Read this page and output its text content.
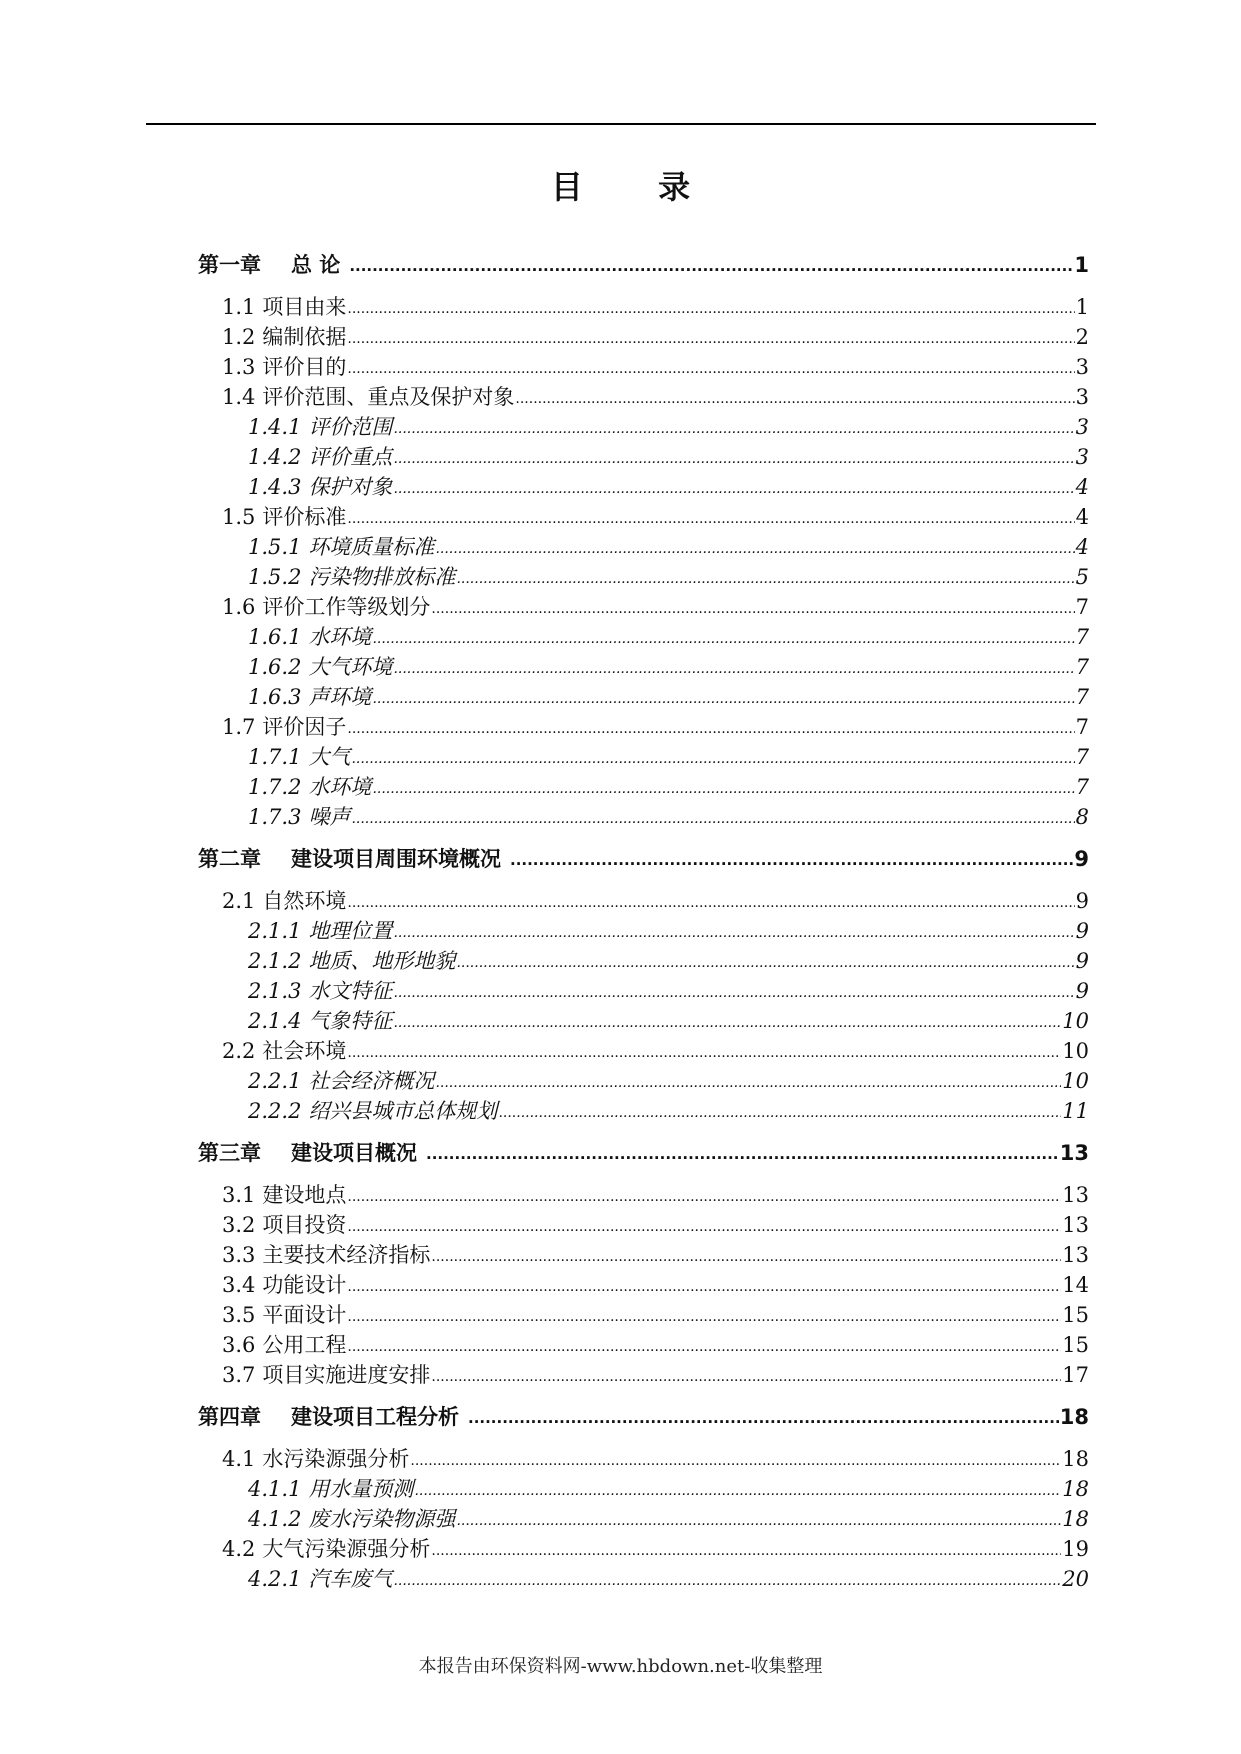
目 录
第一章 总 论 .....	1
1.1 项目由来 .....	1
1.2 编制依据 .....	2
1.3 评价目的 .....	3
1.4 评价范围、重点及保护对象 .....	3
1.4.1 评价范围 .....	3
1.4.2 评价重点 .....	3
1.4.3 保护对象 .....	4
1.5 评价标准 .....	4
1.5.1 环境质量标准 .....	4
1.5.2 污染物排放标准 .....	5
1.6 评价工作等级划分 .....	7
1.6.1 水环境 .....	7
1.6.2 大气环境 .....	7
1.6.3 声环境 .....	7
1.7 评价因子 .....	7
1.7.1 大气 .....	7
1.7.2 水环境 .....	7
1.7.3 噪声 .....	8
第二章 建设项目周围环境概况 .....	9
2.1 自然环境 .....	9
2.1.1 地理位置 .....	9
2.1.2 地质、地形地貌 .....	9
2.1.3 水文特征 .....	9
2.1.4 气象特征 .....	10
2.2 社会环境 .....	10
2.2.1 社会经济概况 .....	10
2.2.2 绍兴县城市总体规划 .....	11
第三章 建设项目概况 .....	13
3.1 建设地点 .....	13
3.2 项目投资 .....	13
3.3 主要技术经济指标 .....	13
3.4 功能设计 .....	14
3.5 平面设计 .....	15
3.6 公用工程 .....	15
3.7 项目实施进度安排 .....	17
第四章 建设项目工程分析 .....	18
4.1 水污染源强分析 .....	18
4.1.1 用水量预测 .....	18
4.1.2 废水污染物源强 .....	18
4.2 大气污染源强分析 .....	19
4.2.1 汽车废气 .....	20
本报告由环保资料网-www.hbdown.net-收集整理
